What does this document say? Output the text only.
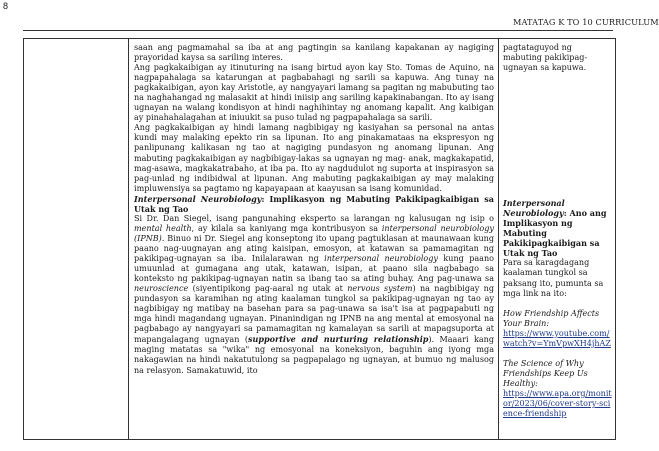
8
MATATAG K TO 10 CURRICULUM

saan ang pagmamahal sa iba at ang pagtingin sa kanilang kapakanan ay nagiging prayoridad kaysa sa sariling interes.

Ang pagkakaibigan ay itinuturing na isang birtud ayon kay Sto. Tomas de Aquino, na nagpapahalaga sa katarungan at pagbabahagi ng sarili sa kapuwa. Ang tunay na pagkakaibigan, ayon kay Aristotle, ay nangyayari lamang sa pagitan ng mabubuting tao na naghahangad ng malasakit at hindi iniisip ang sariling kapakinabangan. Ito ay isang ugnayan na walang kondisyon at hindi naghihintay ng anomang kapalit. Ang kaibigan ay pinahahalagahan at iniuukit sa puso tulad ng pagpapahalaga sa sarili.

Ang pagkakaibigan ay hindi lamang nagbibigay ng kasiyahan sa personal na antas kundi may malaking epekto rin sa lipunan. Ito ang pinakamataas na ekspresyon ng panlipunang kalikasan ng tao at nagiging pundasyon ng anomang lipunan. Ang mabuting pagkakaibigan ay nagbibigay-lakas sa ugnayan ng mag- anak, magkakapatid, mag-asawa, magkakatrabaho, at iba pa. Ito ay nagdudulot ng suporta at inspirasyon sa pag-unlad ng indibidwal at lipunan. Ang mabuting pagkakaibigan ay may malaking impluwensiya sa pagtamo ng kapayapaan at kaayusan sa isang komunidad.

Interpersonal Neurobiology: Implikasyon ng Mabuting Pakikipagkaibigan sa Utak ng Tao

Si Dr. Dan Siegel, isang pangunahing eksperto sa larangan ng kalusugan ng isip o mental health, ay kilala sa kaniyang mga kontribusyon sa interpersonal neurobiology (IPNB). Binuo ni Dr. Siegel ang konseptong ito upang pagtuklasan at maunawaan kung paano nag-uugnayan ang ating kaisipan, emosyon, at katawan sa pamamagitan ng pakikipag-ugnayan sa iba. Inilalarawan ng interpersonal neurobiology kung paano umuunlad at gumagana ang utak, katawan, isipan, at paano sila nagbabago sa konteksto ng pakikipag-ugnayan natin sa ibang tao sa ating buhay. Ang pag-unawa sa neuroscience (siyentipikong pag-aaral ng utak at nervous system) na nagbibigay ng pundasyon sa karamihan ng ating kaalaman tungkol sa pakikipag-ugnayan ng tao ay nagbibigay ng matibay na basehan para sa pag-unawa sa isa't isa at pagpapabuti ng mga hindi magandang ugnayan. Pinanindigan ng IPNB na ang mental at emosyonal na pagbabago ay nangyayari sa pamamagitan ng kamalayan sa sarili at mapagsuporta at mapangalagang ugnayan (supportive and nurturing relationship). Maaari kang maging matatas sa "wika" ng emosyonal na koneksiyon, baguhin ang iyong mga nakagawian na hindi nakatutulong sa pagpapalago ng ugnayan, at bumuo ng malusog na relasyon. Samakatuwid, ito

pagtataguyod ng mabuting pakikipag-ugnayan sa kapuwa.

Interpersonal Neurobiology: Ano ang Implikasyon ng Mabuting Pakikipagkaibigan sa Utak ng Tao

Para sa karagdagang kaalaman tungkol sa paksang ito, pumunta sa mga link na ito:

How Friendship Affects Your Brain:

https://www.youtube.com/watch?v=YmVpwXH4jhAZ

The Science of Why Friendships Keep Us Healthy:

https://www.apa.org/monitor/2023/06/cover-story-science-friendship
